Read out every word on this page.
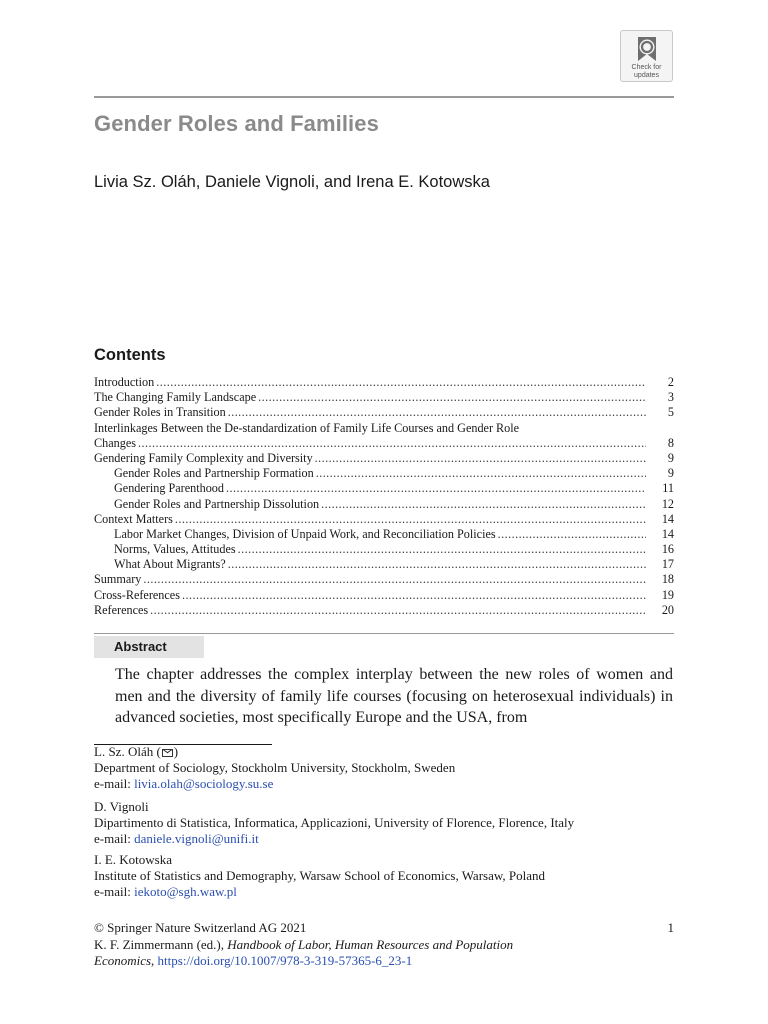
Check for
updates
Gender Roles and Families
Livia Sz. Oláh, Daniele Vignoli, and Irena E. Kotowska
Contents
Introduction . . .	2
The Changing Family Landscape . . .	3
Gender Roles in Transition . . .	5
Interlinkages Between the De-standardization of Family Life Courses and Gender Role
Changes . . .	8
Gendering Family Complexity and Diversity . . .	9
Gender Roles and Partnership Formation . . .	9
Gendering Parenthood . . .	11
Gender Roles and Partnership Dissolution . . .	12
Context Matters . . .	14
Labor Market Changes, Division of Unpaid Work, and Reconciliation Policies . . .	14
Norms, Values, Attitudes . . .	16
What About Migrants? . . .	17
Summary . . .	18
Cross-References . . .	19
References . . .	20
Abstract

The chapter addresses the complex interplay between the new roles of women and men and the diversity of family life courses (focusing on heterosexual individuals) in advanced societies, most specifically Europe and the USA, from

L. Sz. Oláh ( )
Department of Sociology, Stockholm University, Stockholm, Sweden
e-mail: livia.olah@sociology.su.se
D. Vignoli
Dipartimento di Statistica, Informatica, Applicazioni, University of Florence, Florence, Italy
e-mail: daniele.vignoli@unifi.it
I. E. Kotowska
Institute of Statistics and Demography, Warsaw School of Economics, Warsaw, Poland
e-mail: iekoto@sgh.waw.pl
© Springer Nature Switzerland AG 2021	1
K. F. Zimmermann (ed.), Handbook of Labor, Human Resources and Population
Economics, https://doi.org/10.1007/978-3-319-57365-6_23-1
